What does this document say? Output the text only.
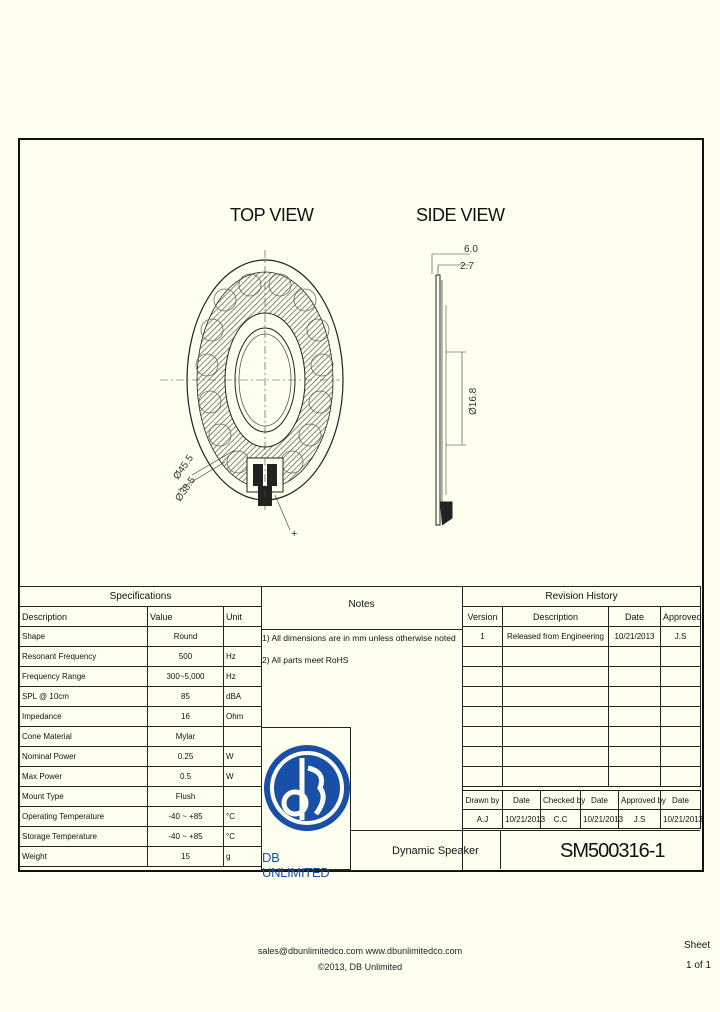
TOP VIEW	SIDE VIEW
Ø45.5
Ø38.5
+
6.0
2.7
Ø16.8
Specifications		
Description	Value	Unit
Shape	Round	
Resonant Frequency	500	Hz
Frequency Range	300~5,000	Hz
SPL @ 10cm	85	dBA
Impedance	16	Ohm
Cone Material	Mylar	
Nominal Power	0.25	W
Max Power	0.5	W
Mount Type	Flush	
Operating Temperature	-40 ~ +85	°C
Storage Temperature	-40 ~ +85	°C
Weight	15	g
Notes
1) All dimensions are in mm unless otherwise noted
2) All parts meet RoHS
DB UNLIMITED
Dynamic Speaker	SM500316-1
Revision History			
Version	Description	Date	Approved
1	Released from Engineering	10/21/2013	J.S

Drawn by	Date	Checked by	Date	Approved by	Date
A.J	10/21/2013	C.C	10/21/2013	J.S	10/21/2013
sales@dbunlimitedco.com www.dbunlimitedco.com
©2013, DB Unlimited
Sheet
1 of 1
